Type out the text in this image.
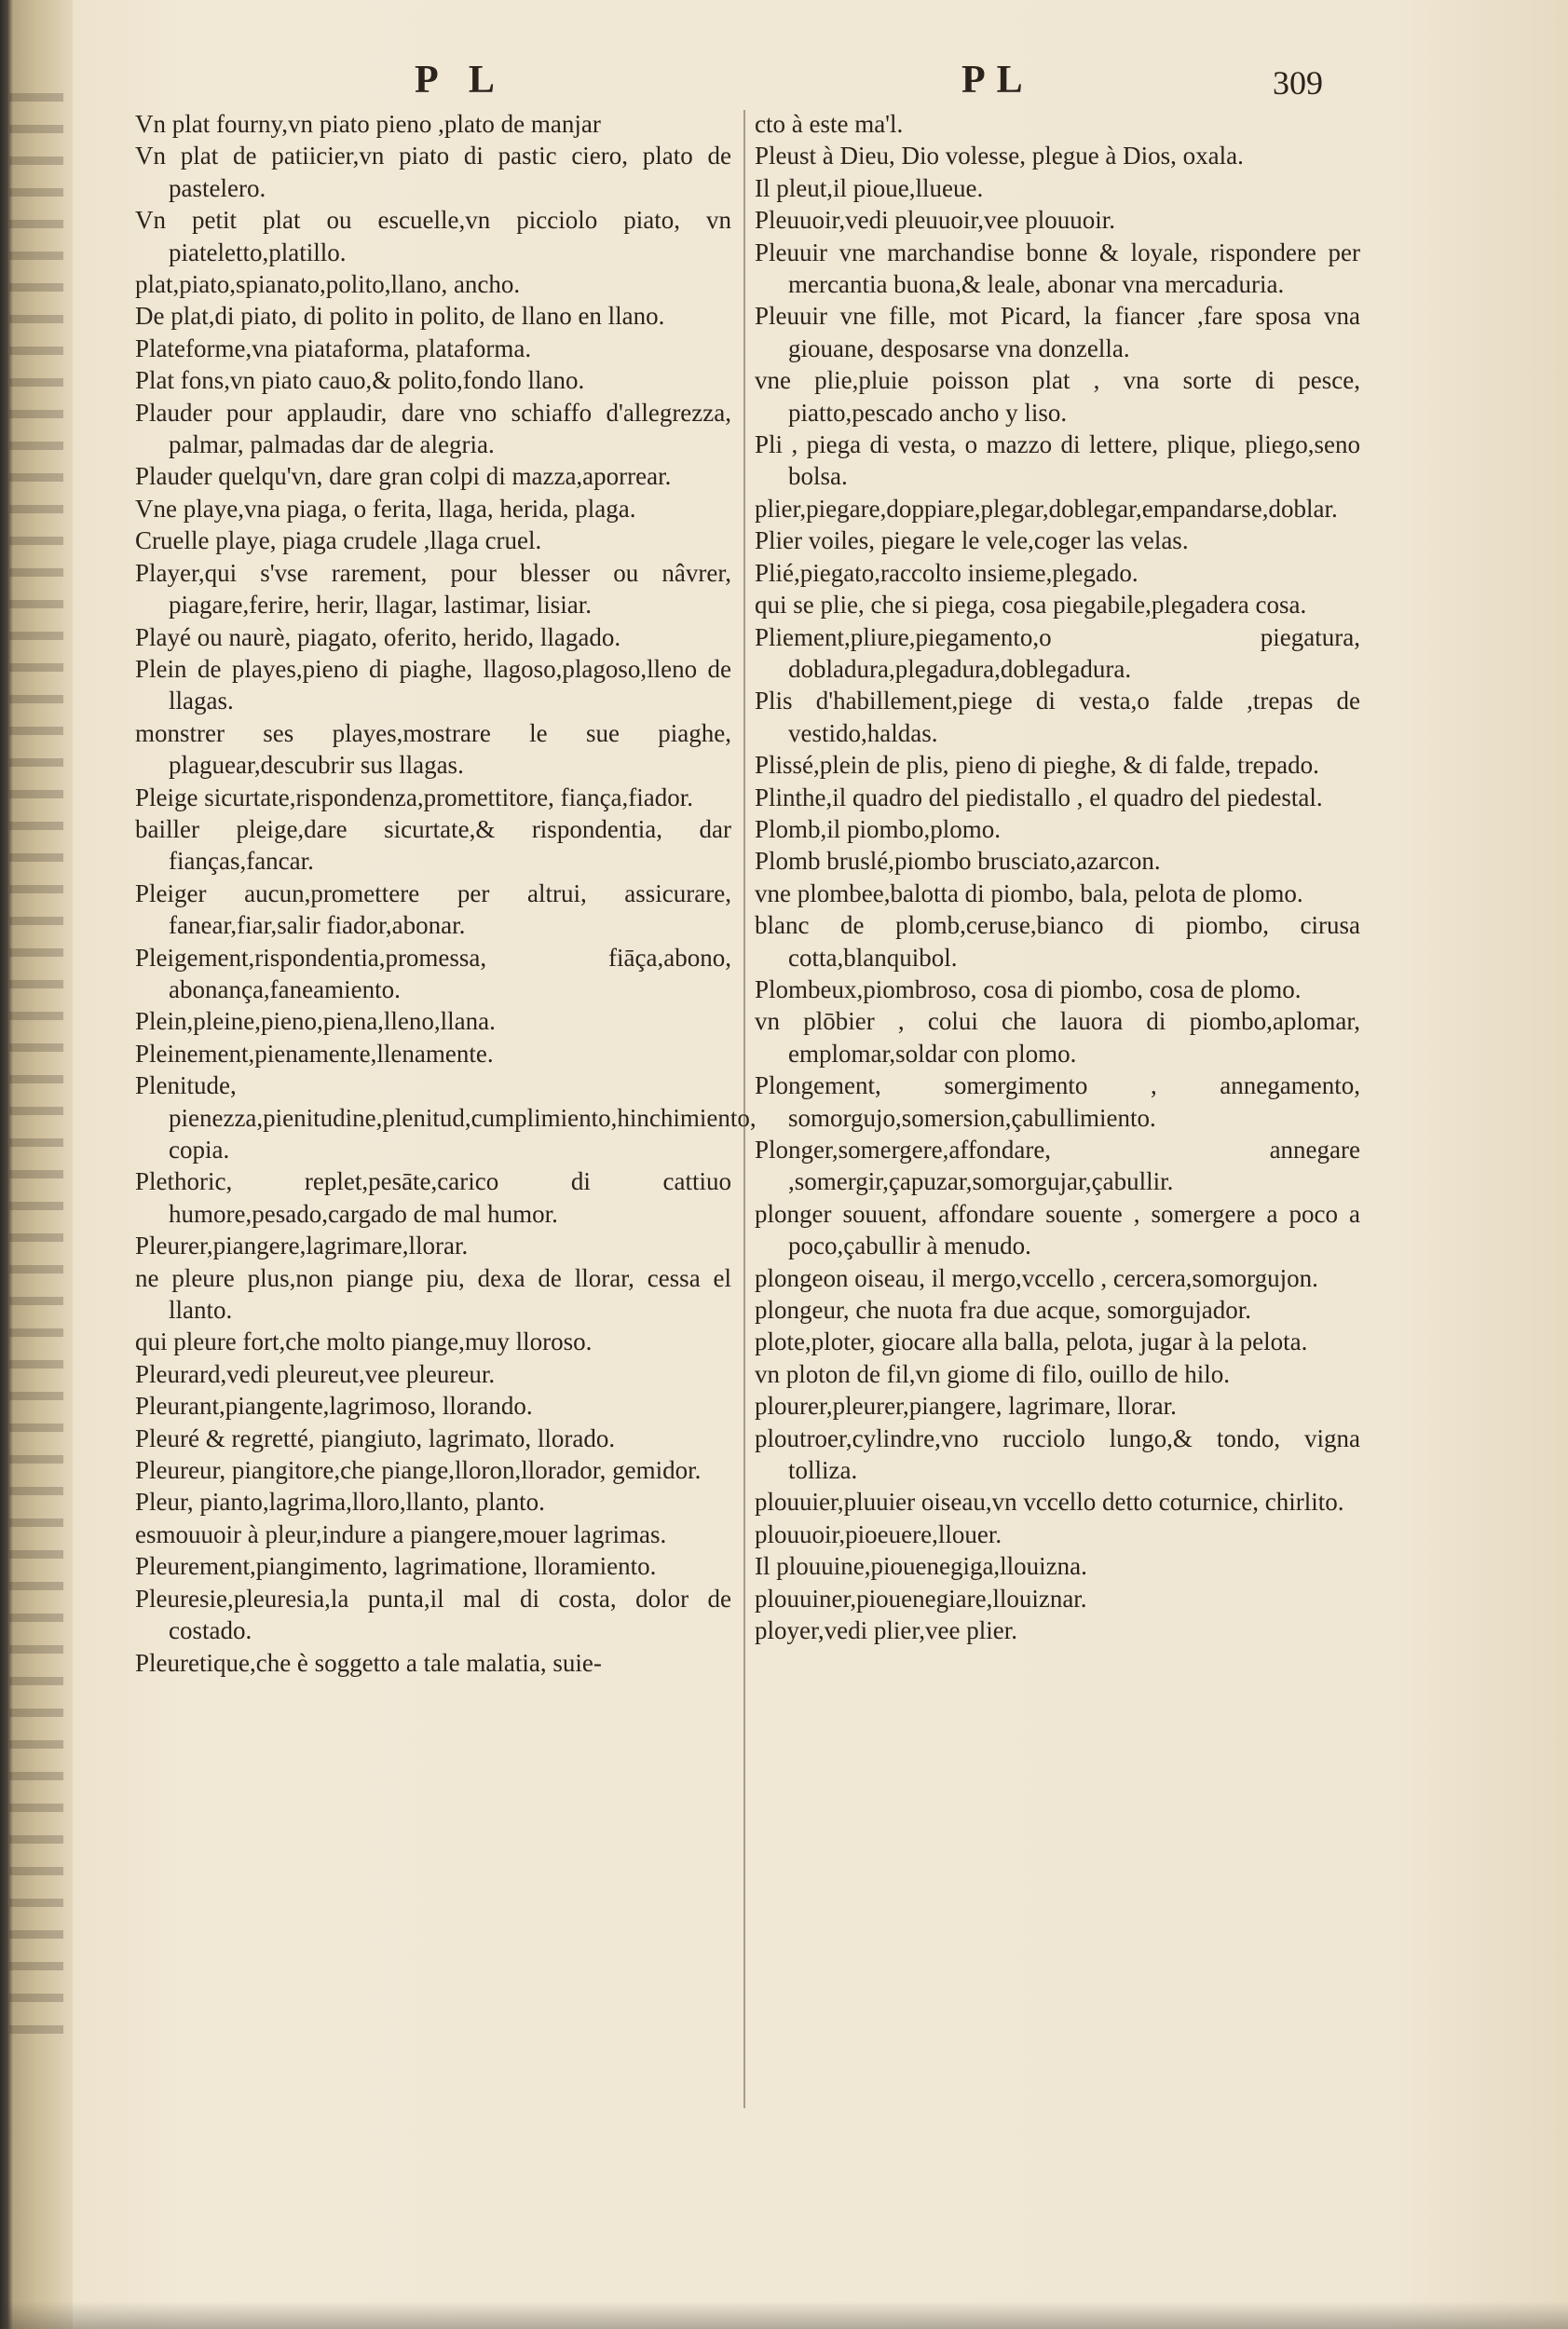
P L	PL	309

Vn plat fourny,vn piato pieno ,plato de manjar

Vn plat de patiicier,vn piato di pastic ciero, plato de pastelero.

Vn petit plat ou escuelle,vn picciolo piato, vn piateletto,platillo.

plat,piato,spianato,polito,llano, ancho.

De plat,di piato, di polito in polito, de llano en llano.

Plateforme,vna piataforma, plataforma.

Plat fons,vn piato cauo,& polito,fondo llano.

Plauder pour applaudir, dare vno schiaffo d'allegrezza, palmar, palmadas dar de alegria.

Plauder quelqu'vn, dare gran colpi di mazza,aporrear.

Vne playe,vna piaga, o ferita, llaga, herida, plaga.

Cruelle playe, piaga crudele ,llaga cruel.

Player,qui s'vse rarement, pour blesser ou nâvrer, piagare,ferire, herir, llagar, lastimar, lisiar.

Playé ou naurè, piagato, oferito, herido, llagado.

Plein de playes,pieno di piaghe, llagoso,plagoso,lleno de llagas.

monstrer ses playes,mostrare le sue piaghe, plaguear,descubrir sus llagas.

Pleige sicurtate,rispondenza,promettitore, fiança,fiador.

bailler pleige,dare sicurtate,& rispondentia, dar fianças,fancar.

Pleiger aucun,promettere per altrui, assicurare, fanear,fiar,salir fiador,abonar.

Pleigement,rispondentia,promessa, fiāça,abono, abonança,faneamiento.

Plein,pleine,pieno,piena,lleno,llana.

Pleinement,pienamente,llenamente.

Plenitude, pienezza,pienitudine,plenitud,cumplimiento,hinchimiento, copia.

Plethoric, replet,pesāte,carico di cattiuo humore,pesado,cargado de mal humor.

Pleurer,piangere,lagrimare,llorar.

ne pleure plus,non piange piu, dexa de llorar, cessa el llanto.

qui pleure fort,che molto piange,muy lloroso.

Pleurard,vedi pleureut,vee pleureur.

Pleurant,piangente,lagrimoso, llorando.

Pleuré & regretté, piangiuto, lagrimato, llorado.

Pleureur, piangitore,che piange,lloron,llorador, gemidor.

Pleur, pianto,lagrima,lloro,llanto, planto.

esmouuoir à pleur,indure a piangere,mouer lagrimas.

Pleurement,piangimento, lagrimatione, lloramiento.

Pleuresie,pleuresia,la punta,il mal di costa, dolor de costado.

Pleuretique,che è soggetto a tale malatia, suie-

cto à este ma'l.

Pleust à Dieu, Dio volesse, plegue à Dios, oxala.

Il pleut,il pioue,llueue.

Pleuuoir,vedi pleuuoir,vee plouuoir.

Pleuuir vne marchandise bonne & loyale, rispondere per mercantia buona,& leale, abonar vna mercaduria.

Pleuuir vne fille, mot Picard, la fiancer ,fare sposa vna giouane, desposarse vna donzella.

vne plie,pluie poisson plat , vna sorte di pesce, piatto,pescado ancho y liso.

Pli , piega di vesta, o mazzo di lettere, plique, pliego,seno bolsa.

plier,piegare,doppiare,plegar,doblegar,empandarse,doblar.

Plier voiles, piegare le vele,coger las velas.

Plié,piegato,raccolto insieme,plegado.

qui se plie, che si piega, cosa piegabile,plegadera cosa.

Pliement,pliure,piegamento,o piegatura, dobladura,plegadura,doblegadura.

Plis d'habillement,piege di vesta,o falde ,trepas de vestido,haldas.

Plissé,plein de plis, pieno di pieghe, & di falde, trepado.

Plinthe,il quadro del piedistallo , el quadro del piedestal.

Plomb,il piombo,plomo.

Plomb bruslé,piombo brusciato,azarcon.

vne plombee,balotta di piombo, bala, pelota de plomo.

blanc de plomb,ceruse,bianco di piombo, cirusa cotta,blanquibol.

Plombeux,piombroso, cosa di piombo, cosa de plomo.

vn plōbier , colui che lauora di piombo,aplomar, emplomar,soldar con plomo.

Plongement, somergimento , annegamento, somorgujo,somersion,çabullimiento.

Plonger,somergere,affondare, annegare ,somergir,çapuzar,somorgujar,çabullir.

plonger souuent, affondare souente , somergere a poco a poco,çabullir à menudo.

plongeon oiseau, il mergo,vccello , cercera,somorgujon.

plongeur, che nuota fra due acque, somorgujador.

plote,ploter, giocare alla balla, pelota, jugar à la pelota.

vn ploton de fil,vn giome di filo, ouillo de hilo.

plourer,pleurer,piangere, lagrimare, llorar.

ploutroer,cylindre,vno rucciolo lungo,& tondo, vigna tolliza.

plouuier,pluuier oiseau,vn vccello detto coturnice, chirlito.

plouuoir,pioeuere,llouer.

Il plouuine,piouenegiga,llouizna.

plouuiner,piouenegiare,llouiznar.

ployer,vedi plier,vee plier.
